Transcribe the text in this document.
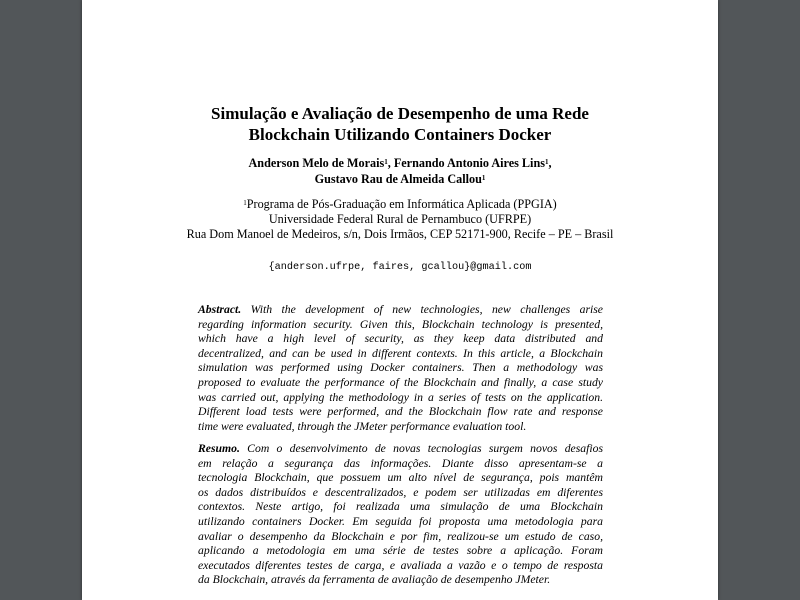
Simulação e Avaliação de Desempenho de uma Rede
Blockchain Utilizando Containers Docker
Anderson Melo de Morais$^1$, Fernando Antonio Aires Lins$^1$,
Gustavo Rau de Almeida Callou$^1$
$^1$Programa de Pós-Graduação em Informática Aplicada (PPGIA)
Universidade Federal Rural de Pernambuco (UFRPE)
Rua Dom Manoel de Medeiros, s/n, Dois Irmãos, CEP 52171-900, Recife – PE – Brasil
{anderson.ufrpe, faires, gcallou}@gmail.com
Abstract. With the development of new technologies, new challenges arise
regarding information security. Given this, Blockchain technology is presented,
which have a high level of security, as they keep data distributed and
decentralized, and can be used in different contexts. In this article, a Blockchain
simulation was performed using Docker containers. Then a methodology was
proposed to evaluate the performance of the Blockchain and finally, a case study
was carried out, applying the methodology in a series of tests on the application.
Different load tests were performed, and the Blockchain flow rate and response
time were evaluated, through the JMeter performance evaluation tool.
Resumo. Com o desenvolvimento de novas tecnologias surgem novos desafios
em relação a segurança das informações. Diante disso apresentam-se a
tecnologia Blockchain, que possuem um alto nível de segurança, pois mantêm
os dados distribuídos e descentralizados, e podem ser utilizadas em diferentes
contextos. Neste artigo, foi realizada uma simulação de uma Blockchain
utilizando containers Docker. Em seguida foi proposta uma metodologia para
avaliar o desempenho da Blockchain e por fim, realizou-se um estudo de caso,
aplicando a metodologia em uma série de testes sobre a aplicação. Foram
executados diferentes testes de carga, e avaliada a vazão e o tempo de resposta
da Blockchain, através da ferramenta de avaliação de desempenho JMeter.
